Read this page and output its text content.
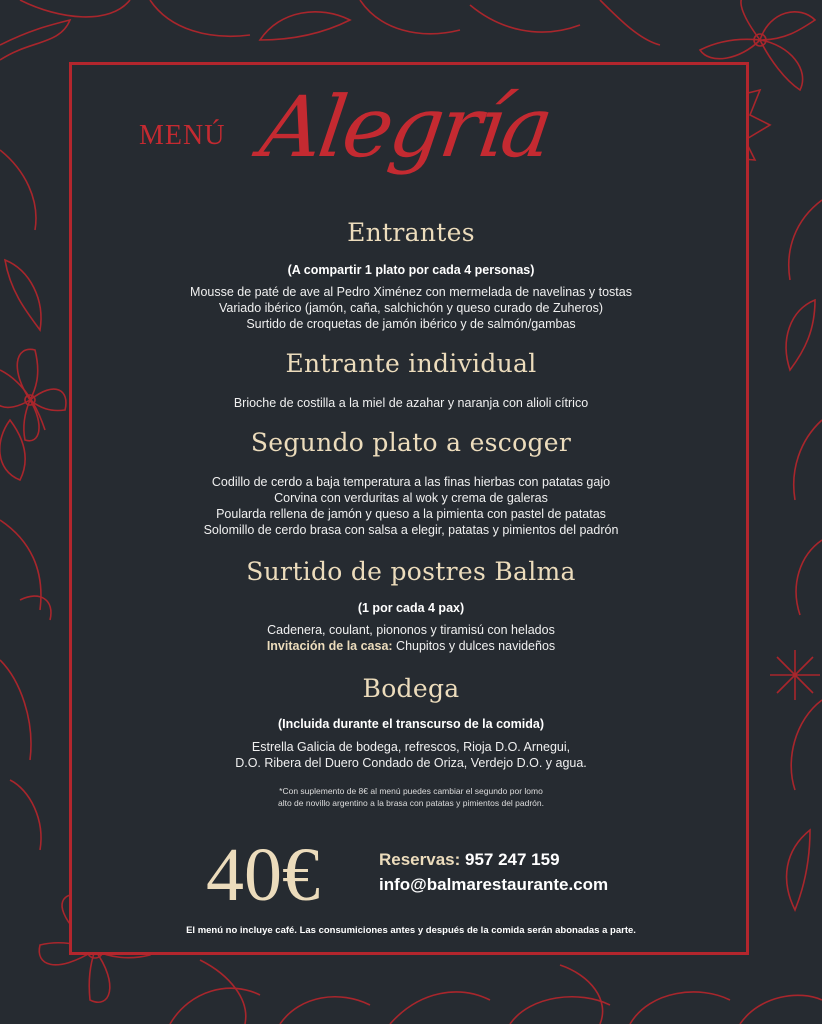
MENÚ Alegría
Entrantes
(A compartir 1 plato por cada 4 personas)
Mousse de paté de ave al Pedro Ximénez con mermelada de navelinas y tostas
Variado ibérico (jamón, caña, salchichón y queso curado de Zuheros)
Surtido de croquetas de jamón ibérico y de salmón/gambas
Entrante individual
Brioche de costilla a la miel de azahar y naranja con alioli cítrico
Segundo plato a escoger
Codillo de cerdo a baja temperatura a las finas hierbas con patatas gajo
Corvina con verduritas al wok y crema de galeras
Poularda rellena de jamón y queso a la pimienta con pastel de patatas
Solomillo de cerdo brasa con salsa a elegir, patatas y pimientos del padrón
Surtido de postres Balma
(1 por cada 4 pax)
Cadenera, coulant, piononos y tiramisú con helados
Invitación de la casa: Chupitos y dulces navideños
Bodega
(Incluida durante el transcurso de la comida)
Estrella Galicia de bodega, refrescos, Rioja D.O. Arnegui,
D.O. Ribera del Duero Condado de Oriza, Verdejo D.O. y agua.
*Con suplemento de 8€ al menú puedes cambiar el segundo por lomo
alto de novillo argentino a la brasa con patatas y pimientos del padrón.
40€	Reservas: 957 247 159
info@balmarestaurante.com
El menú no incluye café. Las consumiciones antes y después de la comida serán abonadas a parte.
